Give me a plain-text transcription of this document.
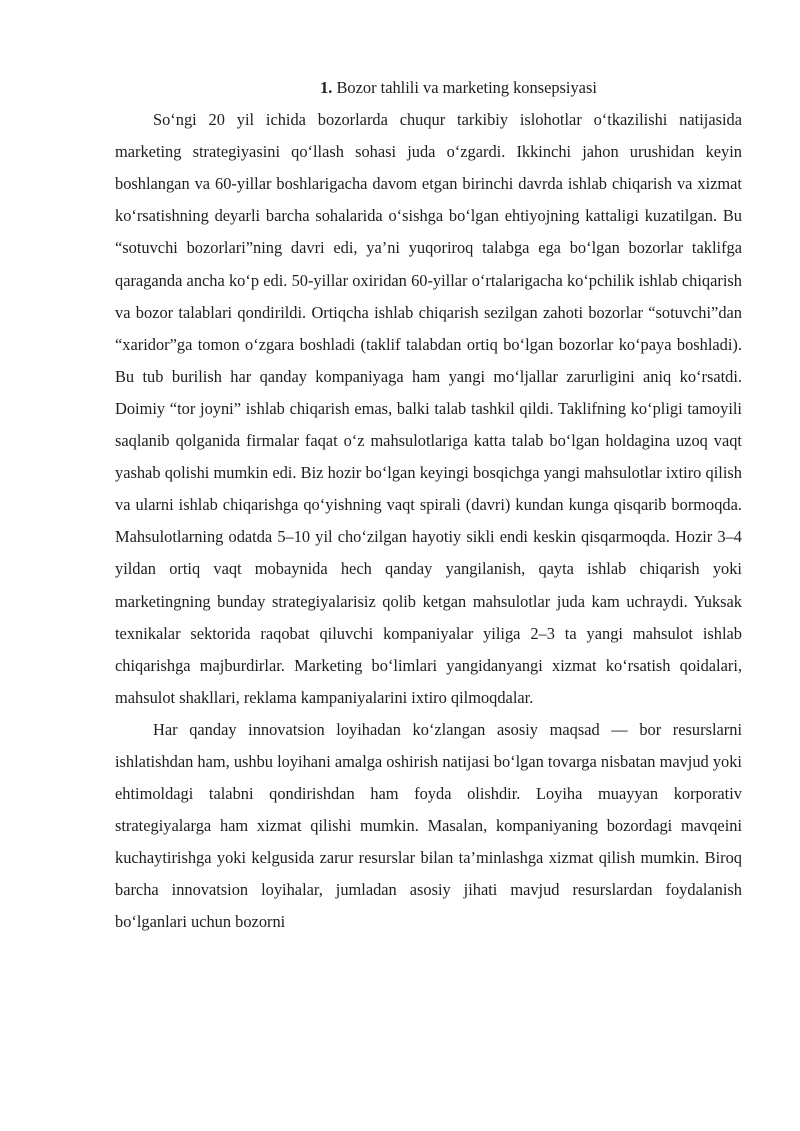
1. Bozor tahlili va marketing konsepsiyasi

So‘ngi 20 yil ichida bozorlarda chuqur tarkibiy islohotlar o‘tkazilishi natijasida marketing strategiyasini qo‘llash sohasi juda o‘zgardi. Ikkinchi jahon urushidan keyin boshlangan va 60-yillar boshlarigacha davom etgan birinchi davrda ishlab chiqarish va xizmat ko‘rsatishning deyarli barcha sohalarida o‘sishga bo‘lgan ehtiyojning kattaligi kuzatilgan. Bu “sotuvchi bozorlari”ning davri edi, ya’ni yuqoriroq talabga ega bo‘lgan bozorlar taklifga qaraganda ancha ko‘p edi. 50-yillar oxiridan 60-yillar o‘rtalarigacha ko‘pchilik ishlab chiqarish va bozor talablari qondirildi. Ortiqcha ishlab chiqarish sezilgan zahoti bozorlar “sotuvchi”dan “xaridor”ga tomon o‘zgara boshladi (taklif talabdan ortiq bo‘lgan bozorlar ko‘paya boshladi). Bu tub burilish har qanday kompaniyaga ham yangi mo‘ljallar zarurligini aniq ko‘rsatdi. Doimiy “tor joyni” ishlab chiqarish emas, balki talab tashkil qildi. Taklifning ko‘pligi tamoyili saqlanib qolganida firmalar faqat o‘z mahsulotlariga katta talab bo‘lgan holdagina uzoq vaqt yashab qolishi mumkin edi. Biz hozir bo‘lgan keyingi bosqichga yangi mahsulotlar ixtiro qilish va ularni ishlab chiqarishga qo‘yishning vaqt spirali (davri) kundan kunga qisqarib bormoqda. Mahsulotlarning odatda 5–10 yil cho‘zilgan hayotiy sikli endi keskin qisqarmoqda. Hozir 3–4 yildan ortiq vaqt mobaynida hech qanday yangilanish, qayta ishlab chiqarish yoki marketingning bunday strategiyalarisiz qolib ketgan mahsulotlar juda kam uchraydi. Yuksak texnikalar sektorida raqobat qiluvchi kompaniyalar yiliga 2–3 ta yangi mahsulot ishlab chiqarishga majburdirlar. Marketing bo‘limlari yangidanyangi xizmat ko‘rsatish qoidalari, mahsulot shakllari, reklama kampaniyalarini ixtiro qilmoqdalar.

Har qanday innovatsion loyihadan ko‘zlangan asosiy maqsad — bor resurslarni ishlatishdan ham, ushbu loyihani amalga oshirish natijasi bo‘lgan tovarga nisbatan mavjud yoki ehtimoldagi talabni qondirishdan ham foyda olishdir. Loyiha muayyan korporativ strategiyalarga ham xizmat qilishi mumkin. Masalan, kompaniyaning bozordagi mavqeini kuchaytirishga yoki kelgusida zarur resurslar bilan ta’minlashga xizmat qilish mumkin. Biroq barcha innovatsion loyihalar, jumladan asosiy jihati mavjud resurslardan foydalanish bo‘lganlari uchun bozorni
